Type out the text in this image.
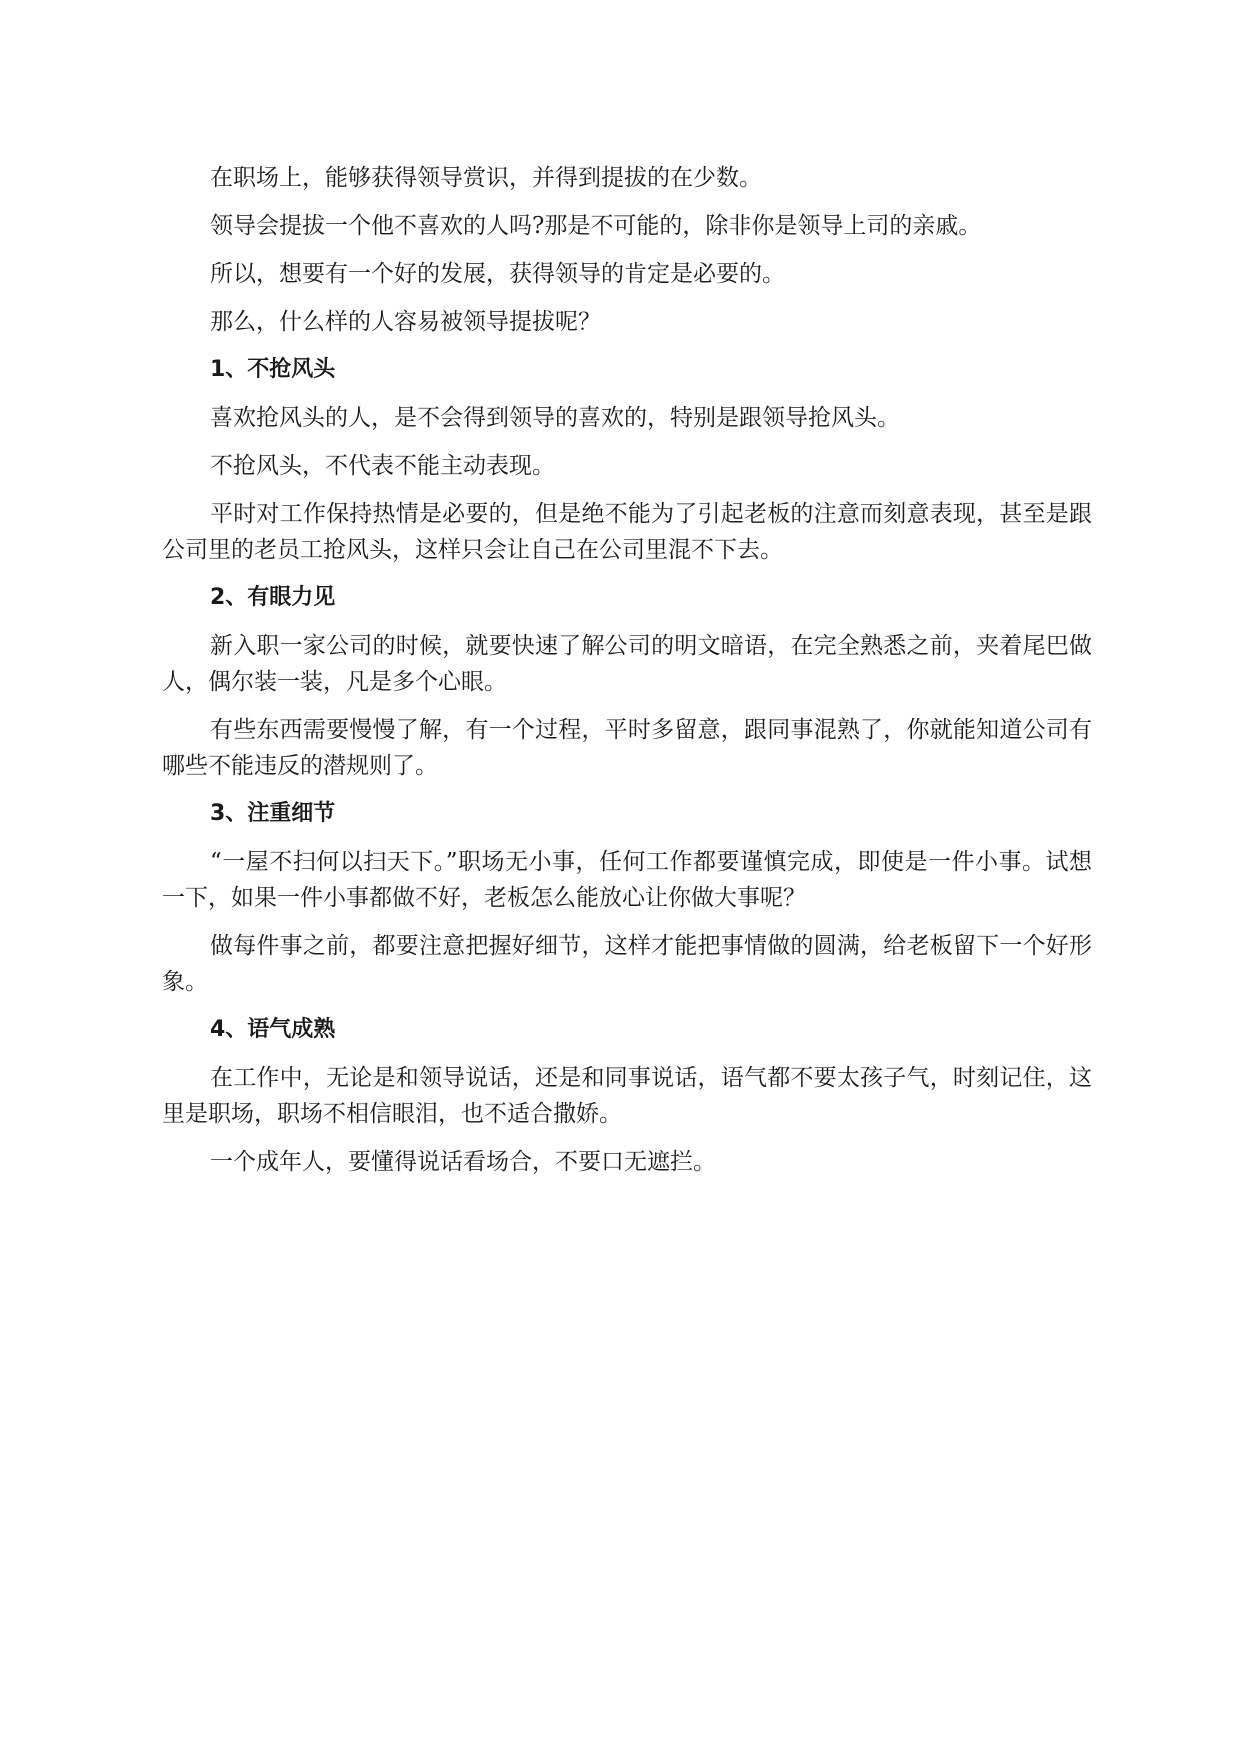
在职场上，能够获得领导赏识，并得到提拔的在少数。

领导会提拔一个他不喜欢的人吗?那是不可能的，除非你是领导上司的亲戚。

所以，想要有一个好的发展，获得领导的肯定是必要的。

那么，什么样的人容易被领导提拔呢？

1、不抢风头

喜欢抢风头的人，是不会得到领导的喜欢的，特别是跟领导抢风头。

不抢风头，不代表不能主动表现。

平时对工作保持热情是必要的，但是绝不能为了引起老板的注意而刻意表现，甚至是跟公司里的老员工抢风头，这样只会让自己在公司里混不下去。

2、有眼力见

新入职一家公司的时候，就要快速了解公司的明文暗语，在完全熟悉之前，夹着尾巴做人，偶尔装一装，凡是多个心眼。

有些东西需要慢慢了解，有一个过程，平时多留意，跟同事混熟了，你就能知道公司有哪些不能违反的潜规则了。

3、注重细节

“一屋不扫何以扫天下。”职场无小事，任何工作都要谨慎完成，即使是一件小事。试想一下，如果一件小事都做不好，老板怎么能放心让你做大事呢？

做每件事之前，都要注意把握好细节，这样才能把事情做的圆满，给老板留下一个好形象。

4、语气成熟

在工作中，无论是和领导说话，还是和同事说话，语气都不要太孩子气，时刻记住，这里是职场，职场不相信眼泪，也不适合撒娇。

一个成年人，要懂得说话看场合，不要口无遮拦。
